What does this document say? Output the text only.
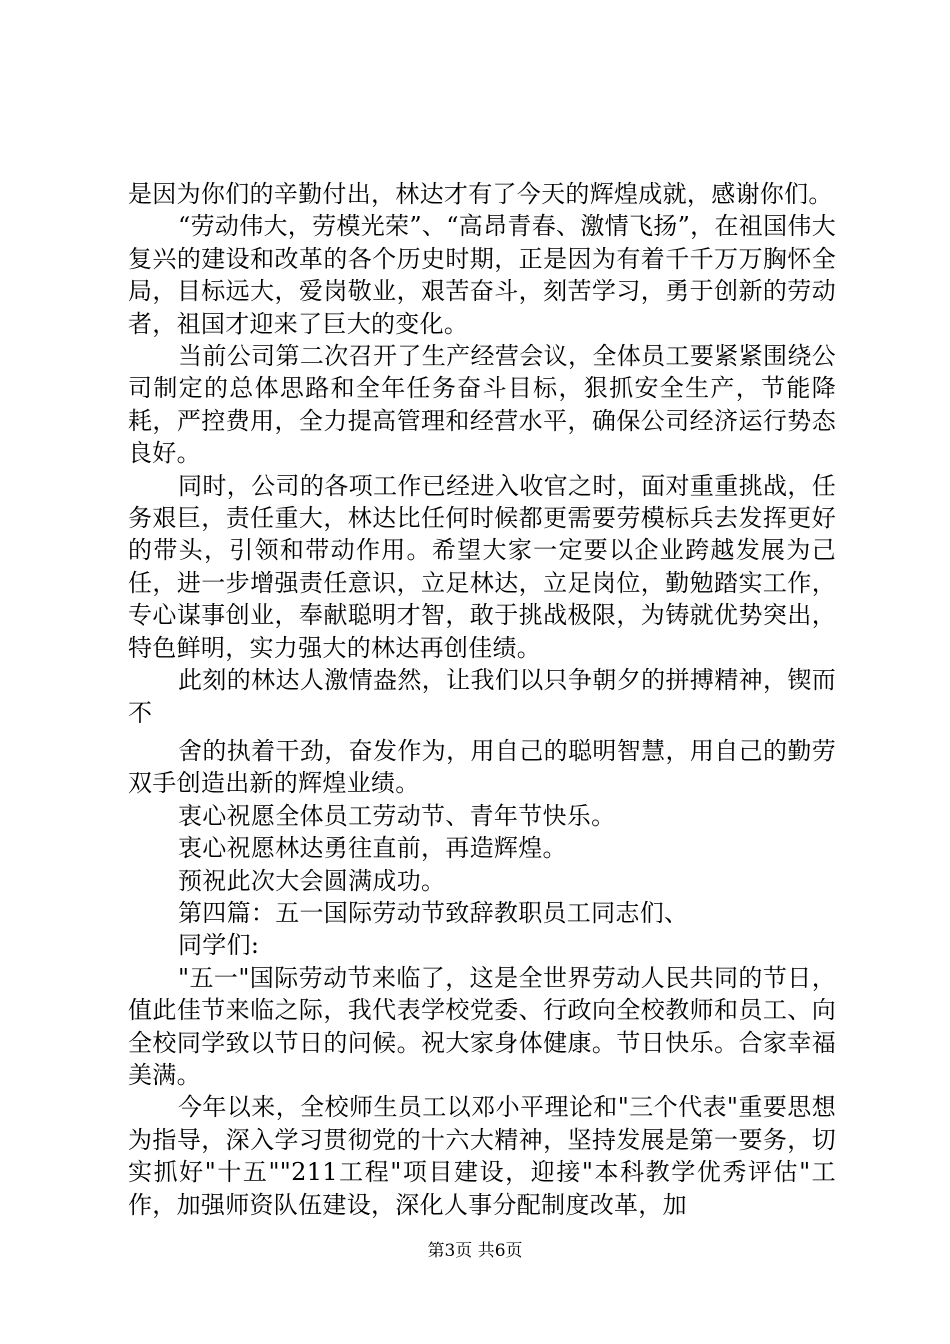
是因为你们的辛勤付出，林达才有了今天的辉煌成就，感谢你们。

“劳动伟大，劳模光荣”、“高昂青春、激情飞扬”，在祖国伟大复兴的建设和改革的各个历史时期，正是因为有着千千万万胸怀全局，目标远大，爱岗敬业，艰苦奋斗，刻苦学习，勇于创新的劳动者，祖国才迎来了巨大的变化。

当前公司第二次召开了生产经营会议，全体员工要紧紧围绕公司制定的总体思路和全年任务奋斗目标，狠抓安全生产，节能降耗，严控费用，全力提高管理和经营水平，确保公司经济运行势态良好。

同时，公司的各项工作已经进入收官之时，面对重重挑战，任务艰巨，责任重大，林达比任何时候都更需要劳模标兵去发挥更好的带头，引领和带动作用。希望大家一定要以企业跨越发展为己任，进一步增强责任意识，立足林达，立足岗位，勤勉踏实工作，专心谋事创业，奉献聪明才智，敢于挑战极限，为铸就优势突出，特色鲜明，实力强大的林达再创佳绩。

此刻的林达人激情盎然，让我们以只争朝夕的拼搏精神，锲而不

舍的执着干劲，奋发作为，用自己的聪明智慧，用自己的勤劳双手创造出新的辉煌业绩。

衷心祝愿全体员工劳动节、青年节快乐。

衷心祝愿林达勇往直前，再造辉煌。

预祝此次大会圆满成功。

第四篇：五一国际劳动节致辞教职员工同志们、

同学们:

"五一"国际劳动节来临了，这是全世界劳动人民共同的节日，值此佳节来临之际，我代表学校党委、行政向全校教师和员工、向全校同学致以节日的问候。祝大家身体健康。节日快乐。合家幸福美满。

今年以来，全校师生员工以邓小平理论和"三个代表"重要思想为指导，深入学习贯彻党的十六大精神，坚持发展是第一要务，切实抓好"十五""211工程"项目建设，迎接"本科教学优秀评估"工作，加强师资队伍建设，深化人事分配制度改革，加

第3页 共6页
